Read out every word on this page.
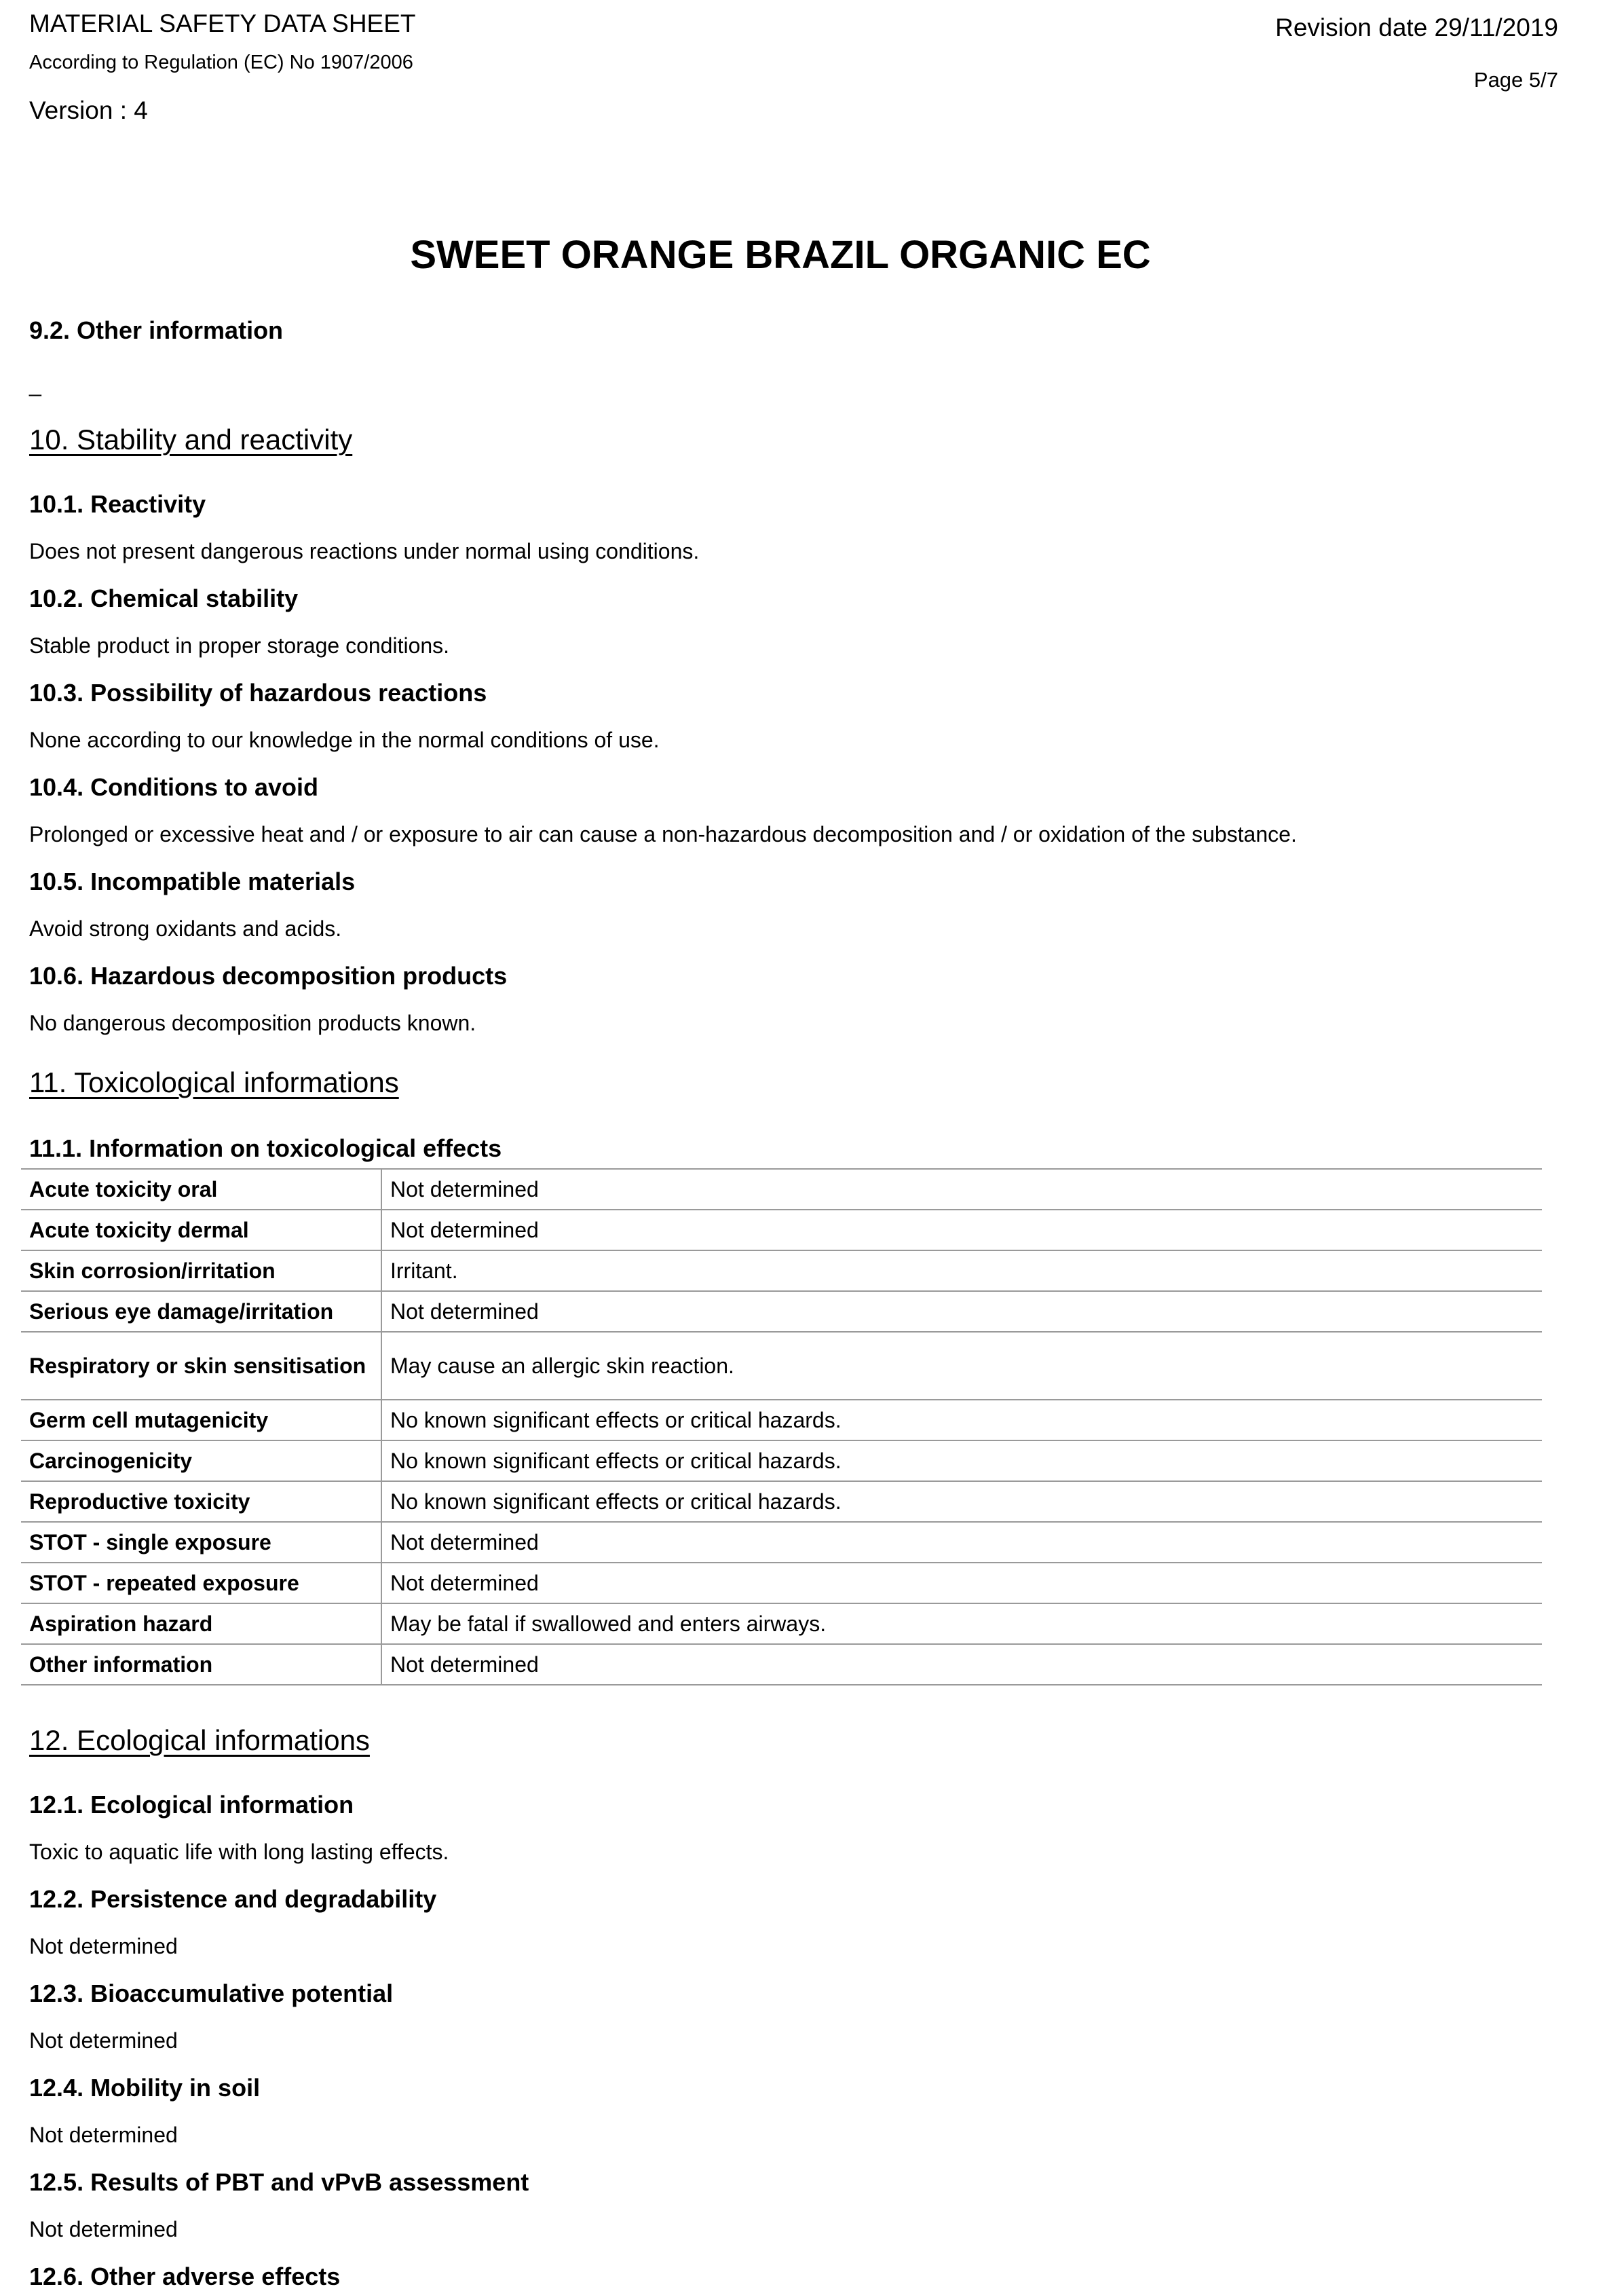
MATERIAL SAFETY DATA SHEET
According to Regulation (EC) No 1907/2006
Version : 4
Revision date 29/11/2019
Page 5/7
SWEET ORANGE BRAZIL ORGANIC EC
9.2. Other information
_
10. Stability and reactivity
10.1. Reactivity
Does not present dangerous reactions under normal using conditions.
10.2. Chemical stability
Stable product in proper storage conditions.
10.3. Possibility of hazardous reactions
None according to our knowledge in the normal conditions of use.
10.4. Conditions to avoid
Prolonged or excessive heat and / or exposure to air can cause a non-hazardous decomposition and / or oxidation of the substance.
10.5. Incompatible materials
Avoid strong oxidants and acids.
10.6. Hazardous decomposition products
No dangerous decomposition products known.
11. Toxicological informations
11.1. Information on toxicological effects
Acute toxicity oral	Not determined
Acute toxicity dermal	Not determined
Skin corrosion/irritation	Irritant.
Serious eye damage/irritation	Not determined
Respiratory or skin sensitisation	May cause an allergic skin reaction.
Germ cell mutagenicity	No known significant effects or critical hazards.
Carcinogenicity	No known significant effects or critical hazards.
Reproductive toxicity	No known significant effects or critical hazards.
STOT - single exposure	Not determined
STOT - repeated exposure	Not determined
Aspiration hazard	May be fatal if swallowed and enters airways.
Other information	Not determined
12. Ecological informations
12.1. Ecological information
Toxic to aquatic life with long lasting effects.
12.2. Persistence and degradability
Not determined
12.3. Bioaccumulative potential
Not determined
12.4. Mobility in soil
Not determined
12.5. Results of PBT and vPvB assessment
Not determined
12.6. Other adverse effects
